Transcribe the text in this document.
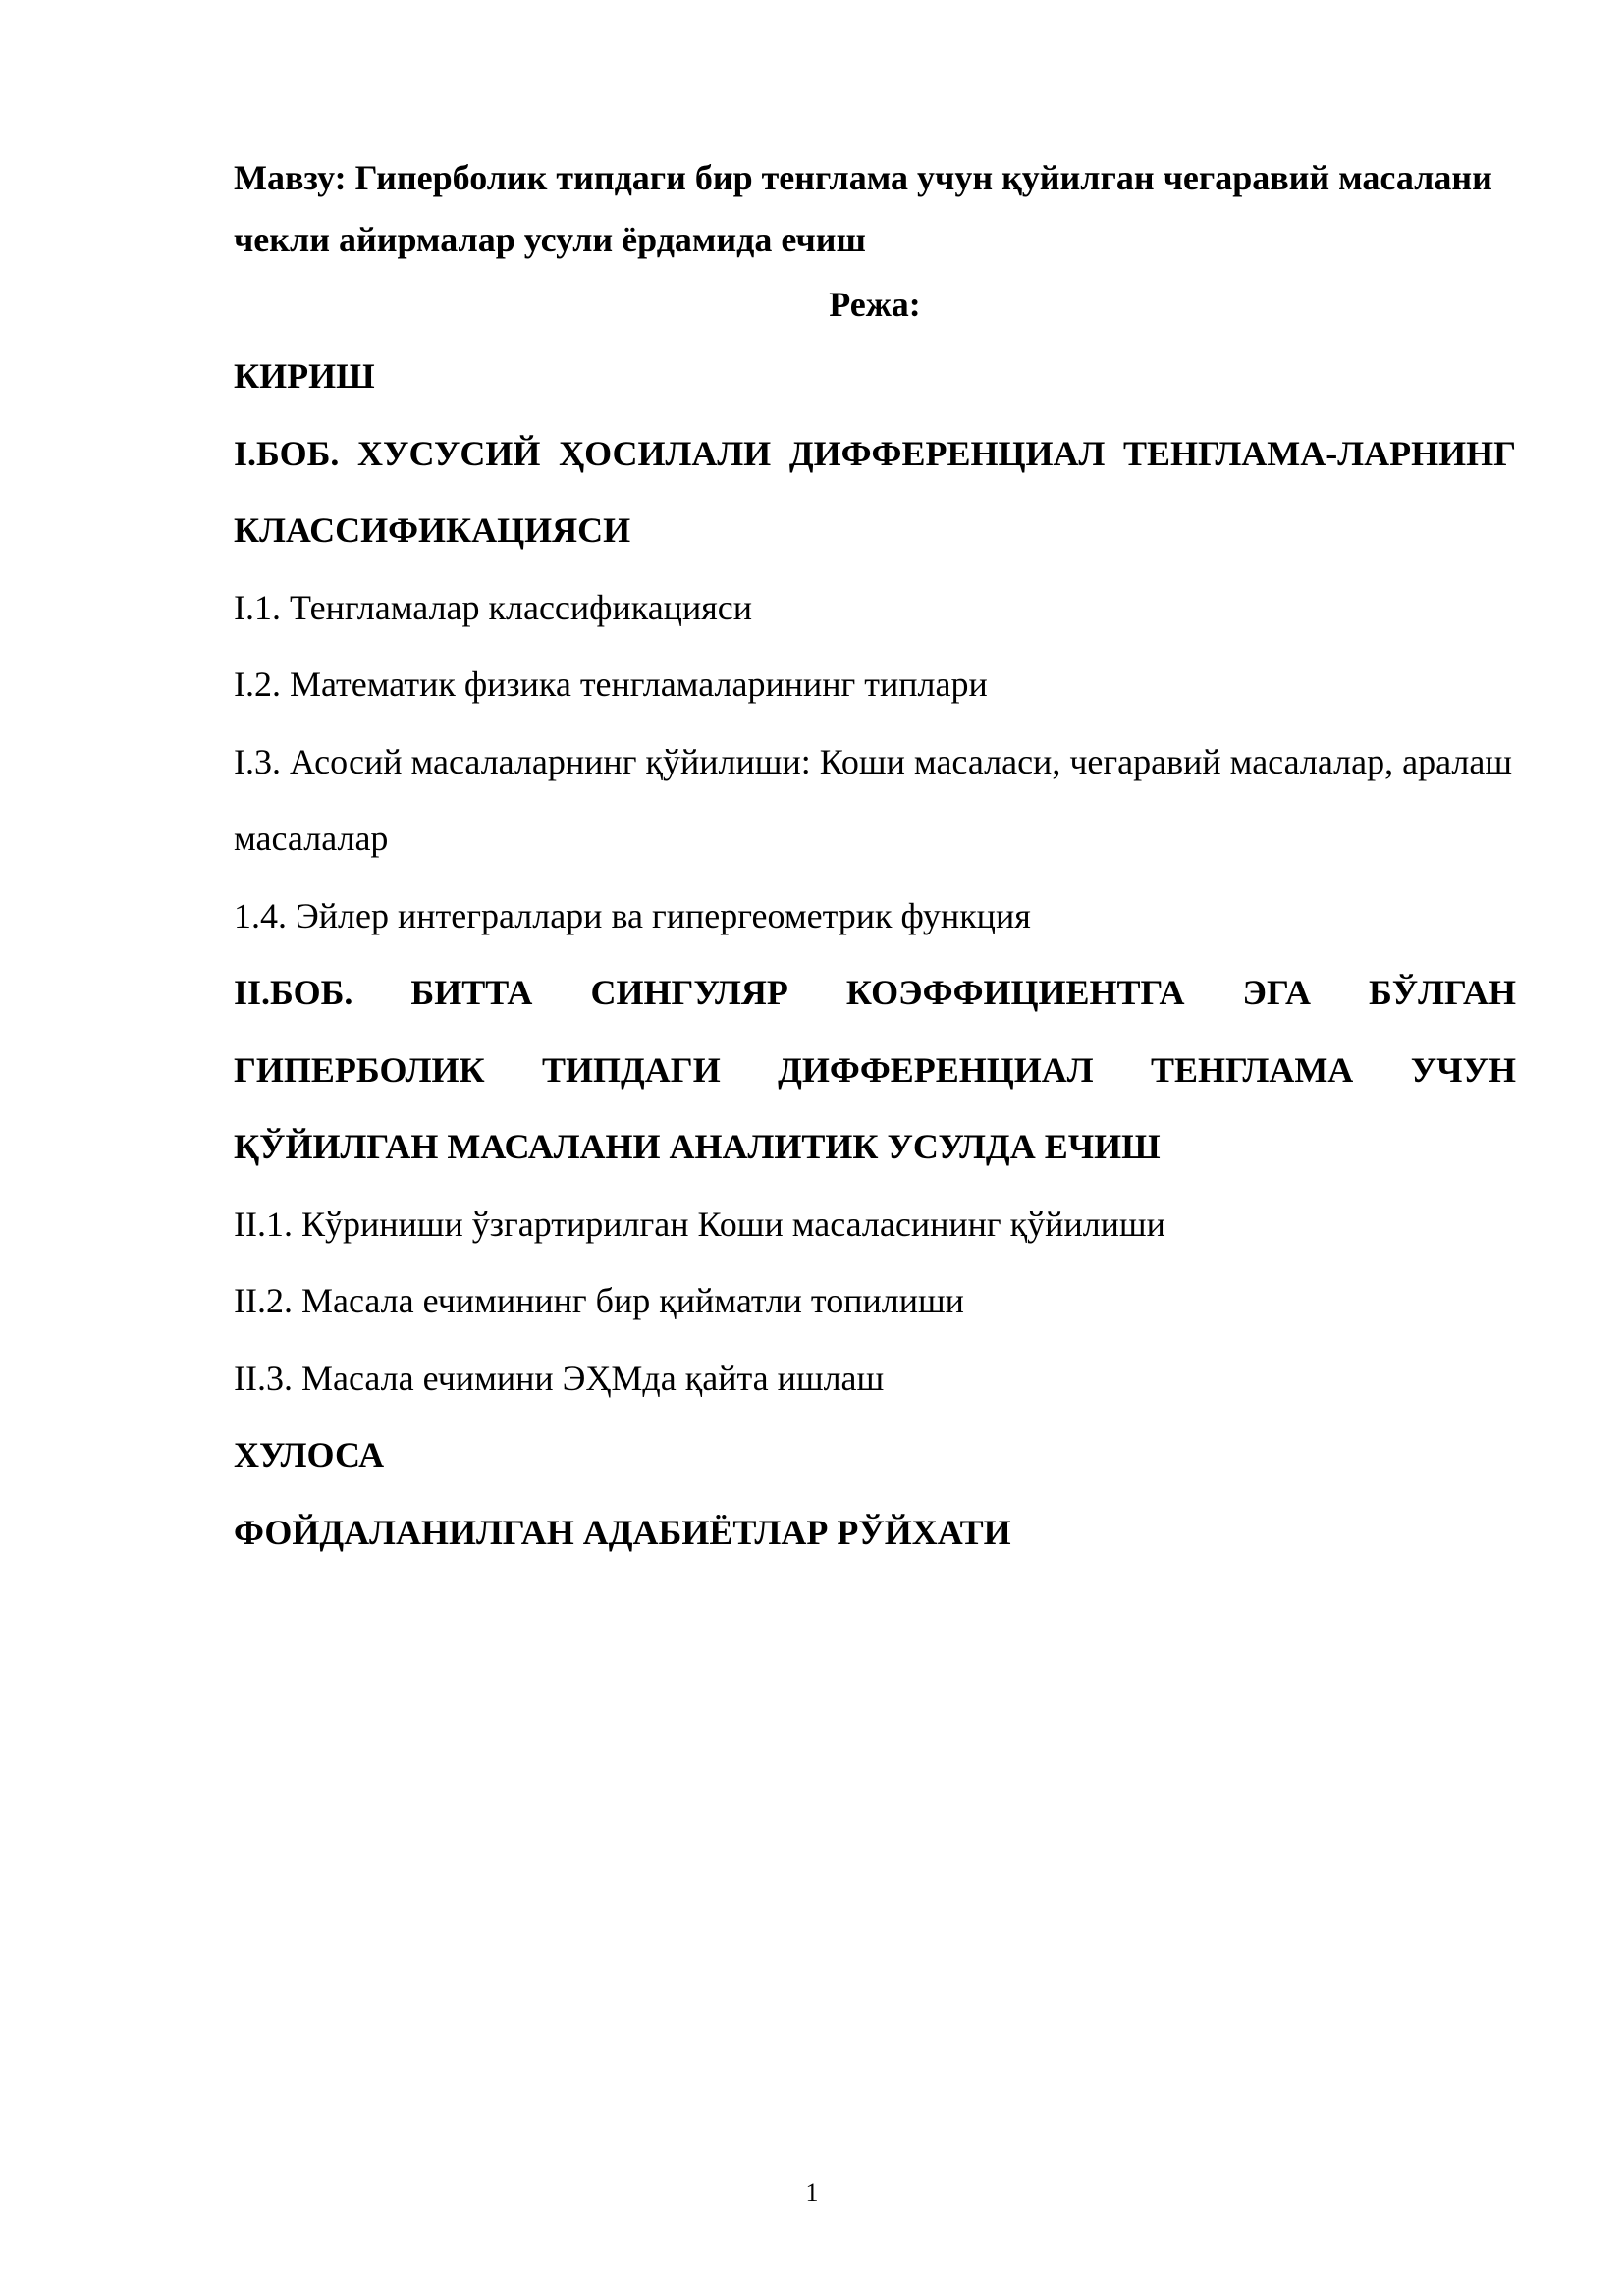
Мавзу: Гиперболик типдаги бир тенглама учун қуйилган чегаравий масалани чекли айирмалар усули ёрдамида ечиш

Режа:

КИРИШ
I.БОБ. ХУСУСИЙ ҲОСИЛАЛИ ДИФФЕРЕНЦИАЛ ТЕНГЛАМА-ЛАРНИНГ КЛАССИФИКАЦИЯСИ
I.1. Тенгламалар классификацияси
I.2. Математик физика тенгламаларининг типлари
I.3. Асосий масалаларнинг қўйилиши: Коши масаласи, чегаравий масалалар, аралаш масалалар
1.4. Эйлер интеграллари ва гипергеометрик функция
II.БОБ. БИТТА СИНГУЛЯР КОЭФФИЦИЕНТГА ЭГА БЎЛГАН ГИПЕРБОЛИК ТИПДАГИ ДИФФЕРЕНЦИАЛ ТЕНГЛАМА УЧУН ҚЎЙИЛГАН МАСАЛАНИ АНАЛИТИК УСУЛДА ЕЧИШ
II.1. Кўриниши ўзгартирилган Коши масаласининг қўйилиши
II.2. Масала ечимининг бир қийматли топилиши
II.3. Масала ечимини ЭҲМда қайта ишлаш
ХУЛОСА
ФОЙДАЛАНИЛГАН АДАБИЁТЛАР РЎЙХАТИ
1
